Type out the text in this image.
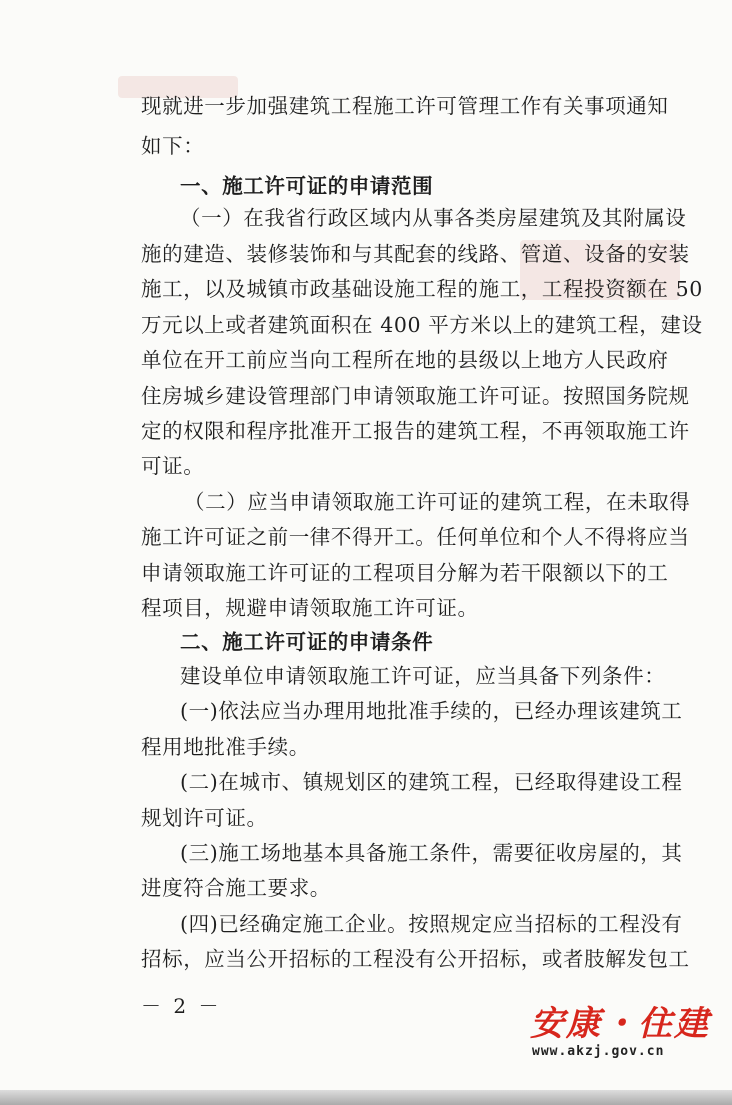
现就进一步加强建筑工程施工许可管理工作有关事项通知
如下：
一、施工许可证的申请范围
（一）在我省行政区域内从事各类房屋建筑及其附属设
施的建造、装修装饰和与其配套的线路、管道、设备的安装
施工，以及城镇市政基础设施工程的施工，工程投资额在 50
万元以上或者建筑面积在 400 平方米以上的建筑工程，建设
单位在开工前应当向工程所在地的县级以上地方人民政府
住房城乡建设管理部门申请领取施工许可证。按照国务院规
定的权限和程序批准开工报告的建筑工程，不再领取施工许
可证。
（二）应当申请领取施工许可证的建筑工程，在未取得
施工许可证之前一律不得开工。任何单位和个人不得将应当
申请领取施工许可证的工程项目分解为若干限额以下的工
程项目，规避申请领取施工许可证。
二、施工许可证的申请条件
建设单位申请领取施工许可证，应当具备下列条件：
(一)依法应当办理用地批准手续的，已经办理该建筑工
程用地批准手续。
(二)在城市、镇规划区的建筑工程，已经取得建设工程
规划许可证。
(三)施工场地基本具备施工条件，需要征收房屋的，其
进度符合施工要求。
(四)已经确定施工企业。按照规定应当招标的工程没有
招标，应当公开招标的工程没有公开招标，或者肢解发包工
－ 2 －	安康・住建
www.akzj.gov.cn
